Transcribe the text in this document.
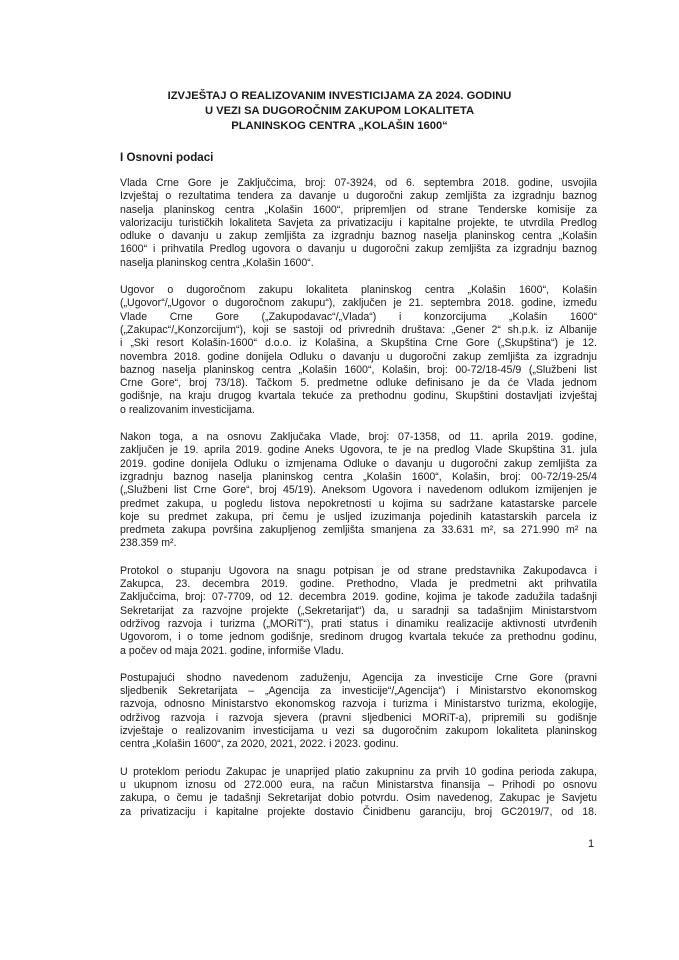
IZVJEŠTAJ O REALIZOVANIM INVESTICIJAMA ZA 2024. GODINU
U VEZI SA DUGOROČNIM ZAKUPOM LOKALITETA
PLANINSKOG CENTRA „KOLAŠIN 1600“
I Osnovni podaci
Vlada Crne Gore je Zaključcima, broj: 07-3924, od 6. septembra 2018. godine, usvojila
Izvještaj o rezultatima tendera za davanje u dugoročni zakup zemljišta za izgradnju baznog
naselja planinskog centra „Kolašin 1600“, pripremljen od strane Tenderske komisije za
valorizaciju turističkih lokaliteta Savjeta za privatizaciju i kapitalne projekte, te utvrdila Predlog
odluke o davanju u zakup zemljišta za izgradnju baznog naselja planinskog centra „Kolašin
1600“ i prihvatila Predlog ugovora o davanju u dugoročni zakup zemljišta za izgradnju baznog
naselja planinskog centra „Kolašin 1600“.
Ugovor o dugoročnom zakupu lokaliteta planinskog centra „Kolašin 1600“, Kolašin
(„Ugovor“/„Ugovor o dugoročnom zakupu“), zaključen je 21. septembra 2018. godine, između
Vlade Crne Gore („Zakupodavac“/„Vlada“) i konzorcijuma „Kolašin 1600“
(„Zakupac“/„Konzorcijum“), koji se sastoji od privrednih društava: „Gener 2“ sh.p.k. iz Albanije
i „Ski resort Kolašin-1600“ d.o.o. iz Kolašina, a Skupština Crne Gore („Skupština“) je 12.
novembra 2018. godine donijela Odluku o davanju u dugoročni zakup zemljišta za izgradnju
baznog naselja planinskog centra „Kolašin 1600“, Kolašin, broj: 00-72/18-45/9 („Službeni list
Crne Gore“, broj 73/18). Tačkom 5. predmetne odluke definisano je da će Vlada jednom
godišnje, na kraju drugog kvartala tekuće za prethodnu godinu, Skupštini dostavljati izvještaj
o realizovanim investicijama.
Nakon toga, a na osnovu Zaključaka Vlade, broj: 07-1358, od 11. aprila 2019. godine,
zaključen je 19. aprila 2019. godine Aneks Ugovora, te je na predlog Vlade Skupština 31. jula
2019. godine donijela Odluku o izmjenama Odluke o davanju u dugoročni zakup zemljišta za
izgradnju baznog naselja planinskog centra „Kolašin 1600“, Kolašin, broj: 00-72/19-25/4
(„Službeni list Crne Gore“, broj 45/19). Aneksom Ugovora i navedenom odlukom izmijenjen je
predmet zakupa, u pogledu listova nepokretnosti u kojima su sadržane katastarske parcele
koje su predmet zakupa, pri čemu je usljed izuzimanja pojedinih katastarskih parcela iz
predmeta zakupa površina zakupljenog zemljišta smanjena za 33.631 m², sa 271.990 m² na
238.359 m².
Protokol o stupanju Ugovora na snagu potpisan je od strane predstavnika Zakupodavca i
Zakupca, 23. decembra 2019. godine. Prethodno, Vlada je predmetni akt prihvatila
Zaključcima, broj: 07-7709, od 12. decembra 2019. godine, kojima je takođe zadužila tadašnji
Sekretarijat za razvojne projekte („Sekretarijat“) da, u saradnji sa tadašnjim Ministarstvom
održivog razvoja i turizma („MORiT“), prati status i dinamiku realizacije aktivnosti utvrđenih
Ugovorom, i o tome jednom godišnje, sredinom drugog kvartala tekuće za prethodnu godinu,
a počev od maja 2021. godine, informiše Vladu.
Postupajući shodno navedenom zaduženju, Agencija za investicije Crne Gore (pravni
sljedbenik Sekretarijata – „Agencija za investicije“/„Agencija“) i Ministarstvo ekonomskog
razvoja, odnosno Ministarstvo ekonomskog razvoja i turizma i Ministarstvo turizma, ekologije,
održivog razvoja i razvoja sjevera (pravni sljedbenici MORiT-a), pripremili su godišnje
izvještaje o realizovanim investicijama u vezi sa dugoročnim zakupom lokaliteta planinskog
centra „Kolašin 1600“, za 2020, 2021, 2022. i 2023. godinu.
U proteklom periodu Zakupac je unaprijed platio zakupninu za prvih 10 godina perioda zakupa,
u ukupnom iznosu od 272.000 eura, na račun Ministarstva finansija – Prihodi po osnovu
zakupa, o čemu je tadašnji Sekretarijat dobio potvrdu. Osim navedenog, Zakupac je Savjetu
za privatizaciju i kapitalne projekte dostavio Činidbenu garanciju, broj GC2019/7, od 18.
1
